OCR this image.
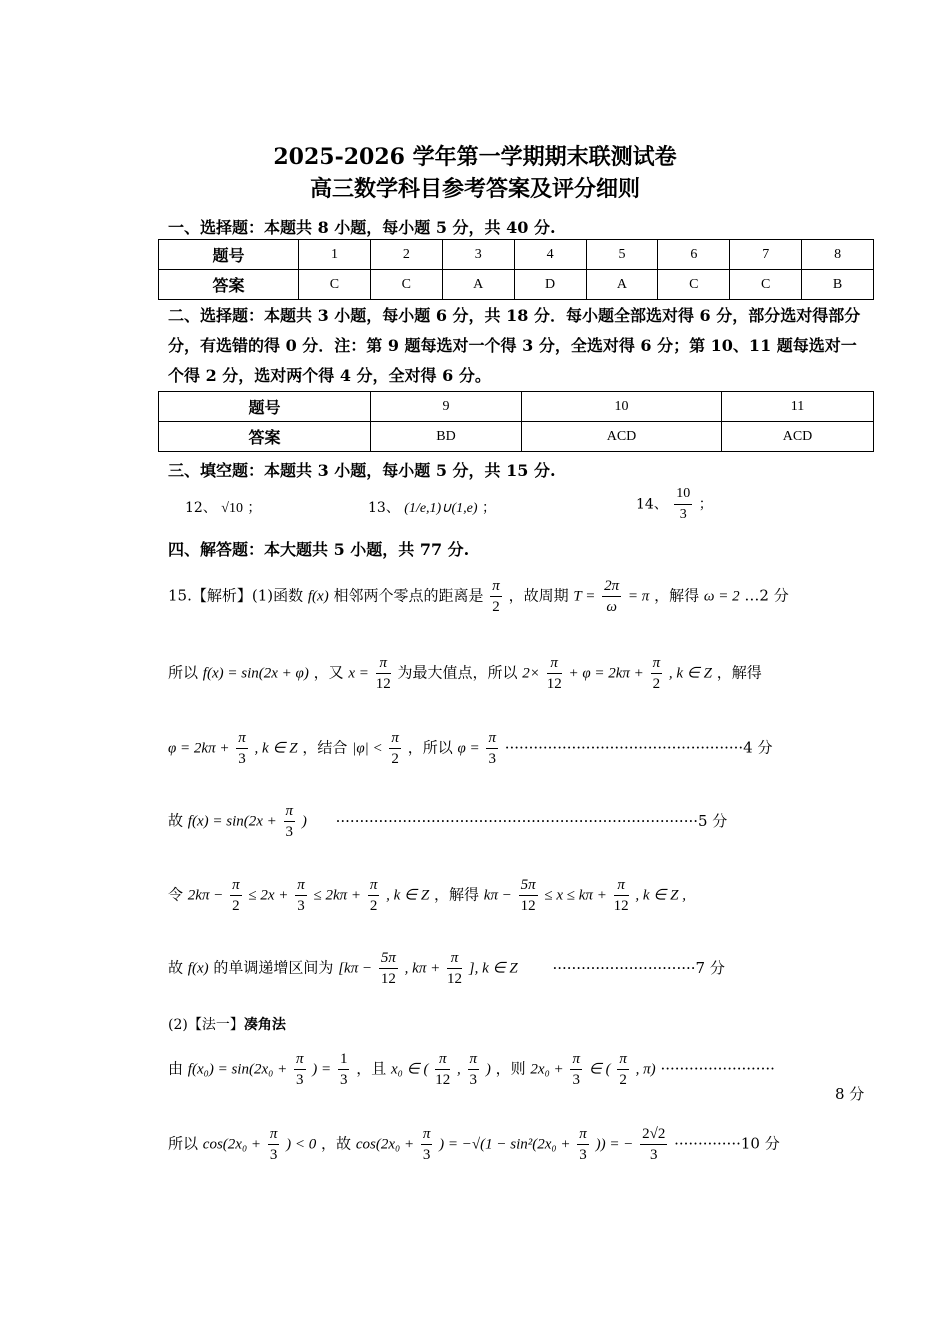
2025-2026 学年第一学期期末联测试卷
高三数学科目参考答案及评分细则
一、选择题：本题共 8 小题，每小题 5 分，共 40 分.
题号	1	2	3	4	5	6	7	8
答案	C	C	A	D	A	C	C	B
二、选择题：本题共 3 小题，每小题 6 分，共 18 分．每小题全部选对得 6 分，部分选对得部分分，有选错的得 0 分．注：第 9 题每选对一个得 3 分，全选对得 6 分；第 10、11 题每选对一个得 2 分，选对两个得 4 分，全对得 6 分。
题号	9	10	11
答案	BD	ACD	ACD
三、填空题：本题共 3 小题，每小题 5 分，共 15 分.
12、 √10 ；	13、 (1/e,1)∪(1,e) ；	14、 $\frac{10}{3}$ ；
四、解答题：本大题共 5 小题，共 77 分.
15.【解析】(1)函数 f(x) 相邻两个零点的距离是 $\frac{\pi}{2}$ ，故周期 $T = \frac{2\pi}{\omega} = \pi$ ，解得 ω = 2 …2 分
所以 f(x) = sin(2x + φ) ，又 $x = \frac{\pi}{12}$ 为最大值点，所以 $2\times \frac{\pi}{12} + \varphi = 2k\pi + \frac{\pi}{2}$ , k ∈ Z ，解得
$\varphi = 2k\pi + \frac{\pi}{3}$ , k ∈ Z ，结合 $|\varphi| < \frac{\pi}{2}$ ，所以 $\varphi = \frac{\pi}{3} \cdot\cdot\cdot\cdot\cdot\cdot\cdot\cdot\cdot\cdot\cdot\cdot\cdot\cdot\cdot\cdot\cdot\cdot\cdot\cdot\cdot\cdot\cdot\cdot\cdot\cdot\cdot\cdot\cdot\cdot\cdot\cdot\cdot\cdot\cdot\cdot\cdot\cdot\cdot\cdot\cdot\cdot\cdot\cdot\cdot\cdot\cdot\cdot\cdot\cdot 4$ 分
故 $f(x) = \sin(2x + \frac{\pi}{3}$ ) ············································································5 分
令 $2k\pi - \frac{\pi}{2} \le 2x + \frac{\pi}{3} \le 2k\pi + \frac{\pi}{2}$ , k ∈ Z ，解得 $k\pi - \frac{5\pi}{12} \le x \le k\pi + \frac{\pi}{12}$ , k ∈ Z ,
故 f(x) 的单调递增区间为 [$k\pi - \frac{5\pi}{12}$ , $k\pi + \frac{\pi}{12}$ ], k ∈ Z ······························7 分
(2)【法一】凑角法
由 $f(x_0) = \sin(2x_0 + \frac{\pi}{3}$ ) = $\frac{1}{3}$ ，且 x₀ ∈ ( $\frac{\pi}{12}$ , $\frac{\pi}{3}$ ) ，则 $2x_0 + \frac{\pi}{3}$ ∈ ( $\frac{\pi}{2}$ , π) ························
8 分
所以 $\cos(2x_0 + \frac{\pi}{3}$ ) < 0 ，故 $\cos(2x_0 + \frac{\pi}{3}$ ) = $-√(1 - \sin^2(2x_0 + \frac{\pi}{3}$ )) = − $\frac{2√2}{3} \cdot\cdot\cdot\cdot\cdot\cdot\cdot\cdot\cdot\cdot\cdot\cdot\cdot\cdot 10$ 分
